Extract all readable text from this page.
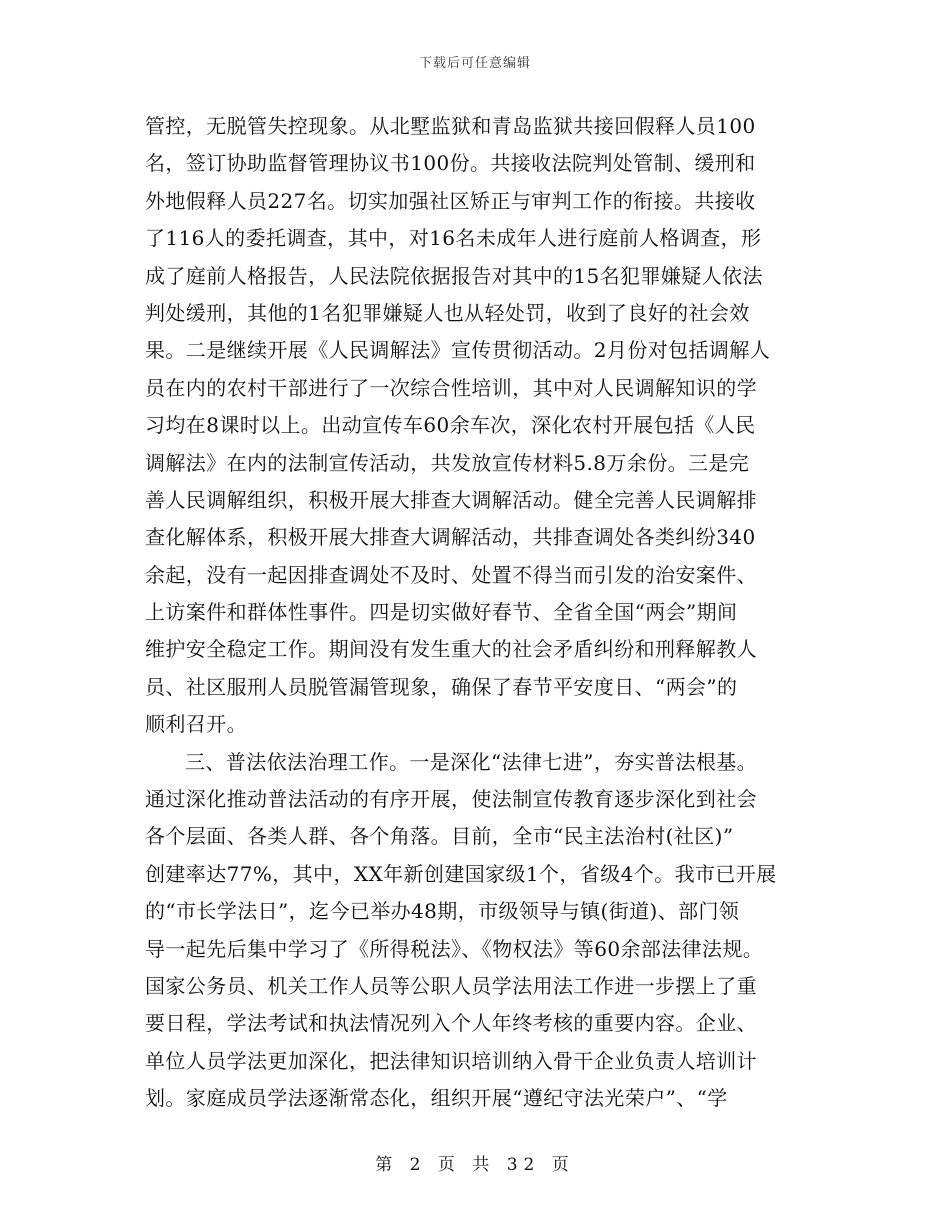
下载后可任意编辑
管控，无脱管失控现象。从北墅监狱和青岛监狱共接回假释人员100
名，签订协助监督管理协议书100份。共接收法院判处管制、缓刑和
外地假释人员227名。切实加强社区矫正与审判工作的衔接。共接收
了116人的委托调查，其中，对16名未成年人进行庭前人格调查，形
成了庭前人格报告，人民法院依据报告对其中的15名犯罪嫌疑人依法
判处缓刑，其他的1名犯罪嫌疑人也从轻处罚，收到了良好的社会效
果。二是继续开展《人民调解法》宣传贯彻活动。2月份对包括调解人
员在内的农村干部进行了一次综合性培训，其中对人民调解知识的学
习均在8课时以上。出动宣传车60余车次，深化农村开展包括《人民
调解法》在内的法制宣传活动，共发放宣传材料5.8万余份。三是完
善人民调解组织，积极开展大排查大调解活动。健全完善人民调解排
查化解体系，积极开展大排查大调解活动，共排查调处各类纠纷340
余起，没有一起因排查调处不及时、处置不得当而引发的治安案件、
上访案件和群体性事件。四是切实做好春节、全省全国“两会”期间
维护安全稳定工作。期间没有发生重大的社会矛盾纠纷和刑释解教人
员、社区服刑人员脱管漏管现象，确保了春节平安度日、“两会”的
顺利召开。
三、普法依法治理工作。一是深化“法律七进”，夯实普法根基。
通过深化推动普法活动的有序开展，使法制宣传教育逐步深化到社会
各个层面、各类人群、各个角落。目前，全市“民主法治村(社区)”
创建率达77%，其中，XX年新创建国家级1个，省级4个。我市已开展
的“市长学法日”，迄今已举办48期，市级领导与镇(街道)、部门领
导一起先后集中学习了《所得税法》、《物权法》等60余部法律法规。
国家公务员、机关工作人员等公职人员学法用法工作进一步摆上了重
要日程，学法考试和执法情况列入个人年终考核的重要内容。企业、
单位人员学法更加深化，把法律知识培训纳入骨干企业负责人培训计
划。家庭成员学法逐渐常态化，组织开展“遵纪守法光荣户”、“学
第 2 页 共 32 页
